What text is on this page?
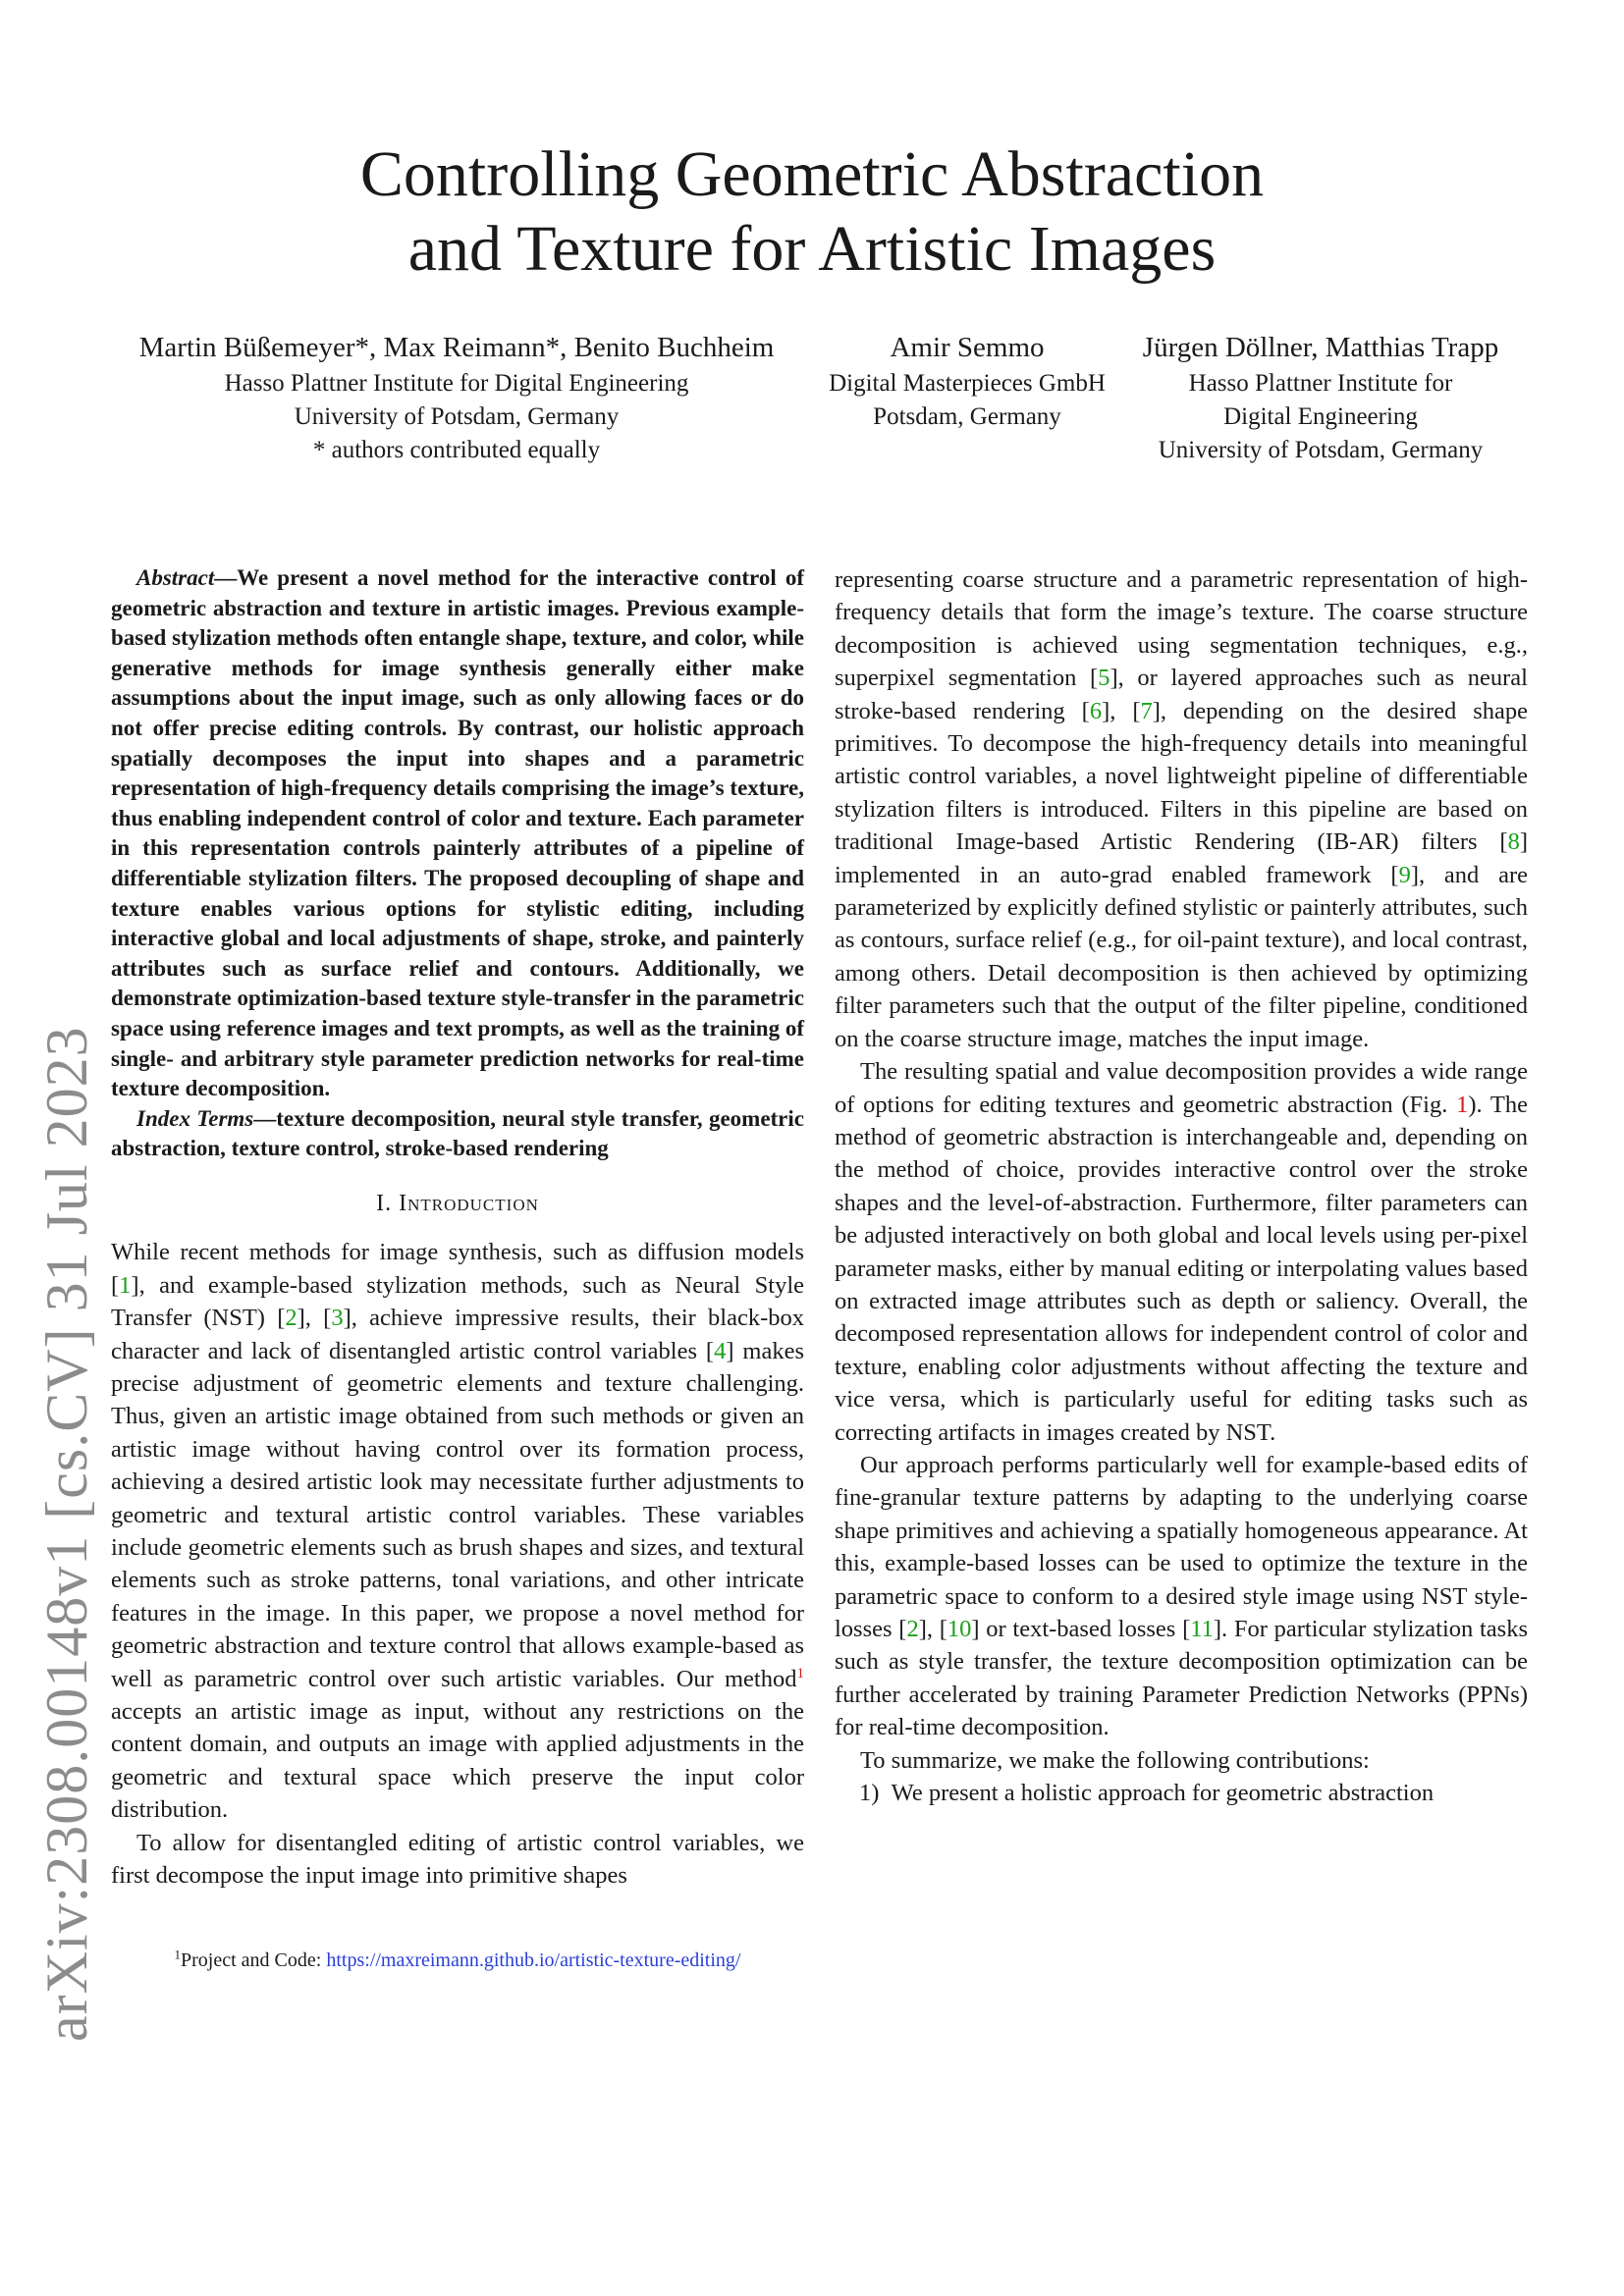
arXiv:2308.00148v1 [cs.CV] 31 Jul 2023
Controlling Geometric Abstraction
and Texture for Artistic Images
Martin Büßemeyer*, Max Reimann*, Benito Buchheim
Hasso Plattner Institute for Digital Engineering
University of Potsdam, Germany
* authors contributed equally
Amir Semmo
Digital Masterpieces GmbH
Potsdam, Germany
Jürgen Döllner, Matthias Trapp
Hasso Plattner Institute for
Digital Engineering
University of Potsdam, Germany

Abstract—We present a novel method for the interactive control of geometric abstraction and texture in artistic images. Previous example-based stylization methods often entangle shape, texture, and color, while generative methods for image synthesis generally either make assumptions about the input image, such as only allowing faces or do not offer precise editing controls. By contrast, our holistic approach spatially decomposes the input into shapes and a parametric representation of high-frequency details comprising the image’s texture, thus enabling independent control of color and texture. Each parameter in this representation controls painterly attributes of a pipeline of differentiable stylization filters. The proposed decoupling of shape and texture enables various options for stylistic editing, including interactive global and local adjustments of shape, stroke, and painterly attributes such as surface relief and contours. Additionally, we demonstrate optimization-based texture style-transfer in the parametric space using reference images and text prompts, as well as the training of single- and arbitrary style parameter prediction networks for real-time texture decomposition.

Index Terms—texture decomposition, neural style transfer, geometric abstraction, texture control, stroke-based rendering

I. Introduction

While recent methods for image synthesis, such as diffusion models [1], and example-based stylization methods, such as Neural Style Transfer (NST) [2], [3], achieve impressive results, their black-box character and lack of disentangled artistic control variables [4] makes precise adjustment of geometric elements and texture challenging. Thus, given an artistic image obtained from such methods or given an artistic image without having control over its formation process, achieving a desired artistic look may necessitate further adjustments to geometric and textural artistic control variables. These variables include geometric elements such as brush shapes and sizes, and textural elements such as stroke patterns, tonal variations, and other intricate features in the image. In this paper, we propose a novel method for geometric abstraction and texture control that allows example-based as well as parametric control over such artistic variables. Our method$^1$ accepts an artistic image as input, without any restrictions on the content domain, and outputs an image with applied adjustments in the geometric and textural space which preserve the input color distribution.

To allow for disentangled editing of artistic control variables, we first decompose the input image into primitive shapes

$^1$Project and Code: https://maxreimann.github.io/artistic-texture-editing/

representing coarse structure and a parametric representation of high-frequency details that form the image’s texture. The coarse structure decomposition is achieved using segmentation techniques, e.g., superpixel segmentation [5], or layered approaches such as neural stroke-based rendering [6], [7], depending on the desired shape primitives. To decompose the high-frequency details into meaningful artistic control variables, a novel lightweight pipeline of differentiable stylization filters is introduced. Filters in this pipeline are based on traditional Image-based Artistic Rendering (IB-AR) filters [8] implemented in an auto-grad enabled framework [9], and are parameterized by explicitly defined stylistic or painterly attributes, such as contours, surface relief (e.g., for oil-paint texture), and local contrast, among others. Detail decomposition is then achieved by optimizing filter parameters such that the output of the filter pipeline, conditioned on the coarse structure image, matches the input image.

The resulting spatial and value decomposition provides a wide range of options for editing textures and geometric abstraction (Fig. 1). The method of geometric abstraction is interchangeable and, depending on the method of choice, provides interactive control over the stroke shapes and the level-of-abstraction. Furthermore, filter parameters can be adjusted interactively on both global and local levels using per-pixel parameter masks, either by manual editing or interpolating values based on extracted image attributes such as depth or saliency. Overall, the decomposed representation allows for independent control of color and texture, enabling color adjustments without affecting the texture and vice versa, which is particularly useful for editing tasks such as correcting artifacts in images created by NST.

Our approach performs particularly well for example-based edits of fine-granular texture patterns by adapting to the underlying coarse shape primitives and achieving a spatially homogeneous appearance. At this, example-based losses can be used to optimize the texture in the parametric space to conform to a desired style image using NST style-losses [2], [10] or text-based losses [11]. For particular stylization tasks such as style transfer, the texture decomposition optimization can be further accelerated by training Parameter Prediction Networks (PPNs) for real-time decomposition.

To summarize, we make the following contributions:

1) We present a holistic approach for geometric abstraction
